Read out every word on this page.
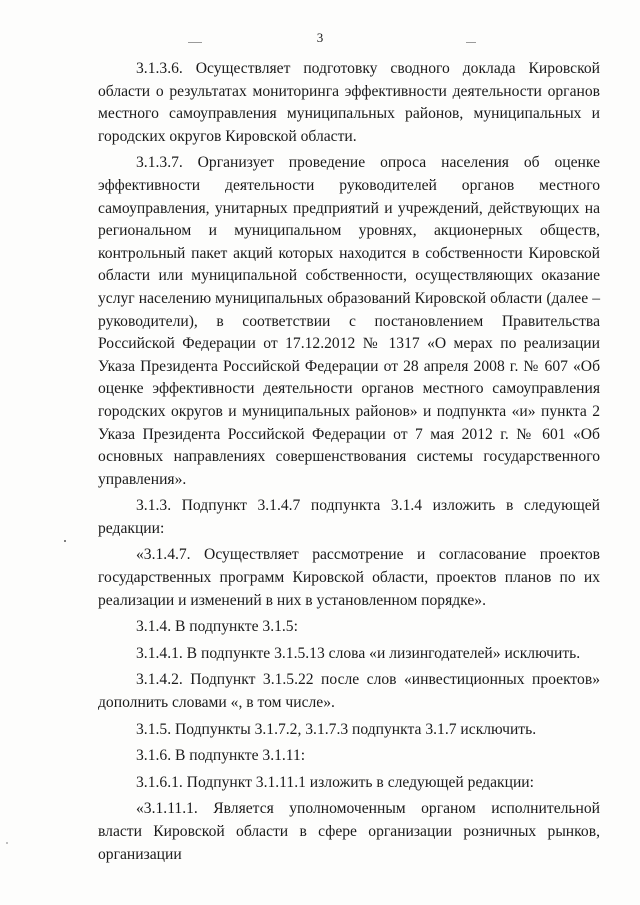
3

3.1.3.6. Осуществляет подготовку сводного доклада Кировской области о результатах мониторинга эффективности деятельности органов местного самоуправления муниципальных районов, муниципальных и городских округов Кировской области.

3.1.3.7. Организует проведение опроса населения об оценке эффективности деятельности руководителей органов местного самоуправления, унитарных предприятий и учреждений, действующих на региональном и муниципальном уровнях, акционерных обществ, контрольный пакет акций которых находится в собственности Кировской области или муниципальной собственности, осуществляющих оказание услуг населению муниципальных образований Кировской области (далее – руководители), в соответствии с постановлением Правительства Российской Федерации от 17.12.2012 № 1317 «О мерах по реализации Указа Президента Российской Федерации от 28 апреля 2008 г. № 607 «Об оценке эффективности деятельности органов местного самоуправления городских округов и муниципальных районов» и подпункта «и» пункта 2 Указа Президента Российской Федерации от 7 мая 2012 г. № 601 «Об основных направлениях совершенствования системы государственного управления».

3.1.3. Подпункт 3.1.4.7 подпункта 3.1.4 изложить в следующей редакции:

«3.1.4.7. Осуществляет рассмотрение и согласование проектов государственных программ Кировской области, проектов планов по их реализации и изменений в них в установленном порядке».

3.1.4. В подпункте 3.1.5:

3.1.4.1. В подпункте 3.1.5.13 слова «и лизингодателей» исключить.

3.1.4.2. Подпункт 3.1.5.22 после слов «инвестиционных проектов» дополнить словами «, в том числе».

3.1.5. Подпункты 3.1.7.2, 3.1.7.3 подпункта 3.1.7 исключить.

3.1.6. В подпункте 3.1.11:

3.1.6.1. Подпункт 3.1.11.1 изложить в следующей редакции:

«3.1.11.1. Является уполномоченным органом исполнительной власти Кировской области в сфере организации розничных рынков, организации
